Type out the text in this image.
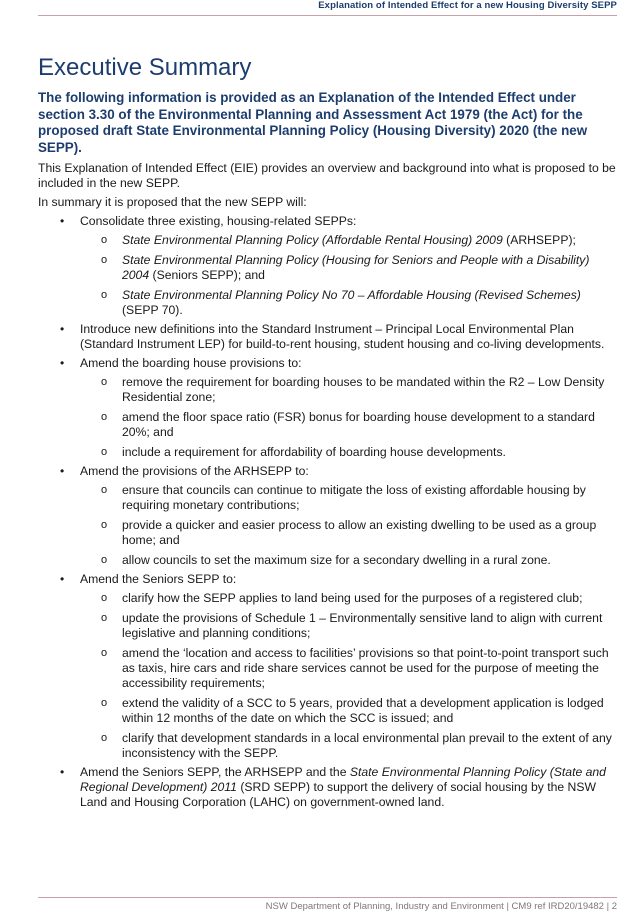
Explanation of Intended Effect for a new Housing Diversity SEPP
Executive Summary
The following information is provided as an Explanation of the Intended Effect under section 3.30 of the Environmental Planning and Assessment Act 1979 (the Act) for the proposed draft State Environmental Planning Policy (Housing Diversity) 2020 (the new SEPP).

This Explanation of Intended Effect (EIE) provides an overview and background into what is proposed to be included in the new SEPP.

In summary it is proposed that the new SEPP will:

• Consolidate three existing, housing-related SEPPs:
o State Environmental Planning Policy (Affordable Rental Housing) 2009 (ARHSEPP);
o State Environmental Planning Policy (Housing for Seniors and People with a Disability) 2004 (Seniors SEPP); and
o State Environmental Planning Policy No 70 – Affordable Housing (Revised Schemes) (SEPP 70).
• Introduce new definitions into the Standard Instrument – Principal Local Environmental Plan (Standard Instrument LEP) for build-to-rent housing, student housing and co-living developments.
• Amend the boarding house provisions to:
o remove the requirement for boarding houses to be mandated within the R2 – Low Density Residential zone;
o amend the floor space ratio (FSR) bonus for boarding house development to a standard 20%; and
o include a requirement for affordability of boarding house developments.
• Amend the provisions of the ARHSEPP to:
o ensure that councils can continue to mitigate the loss of existing affordable housing by requiring monetary contributions;
o provide a quicker and easier process to allow an existing dwelling to be used as a group home; and
o allow councils to set the maximum size for a secondary dwelling in a rural zone.
• Amend the Seniors SEPP to:
o clarify how the SEPP applies to land being used for the purposes of a registered club;
o update the provisions of Schedule 1 – Environmentally sensitive land to align with current legislative and planning conditions;
o amend the ‘location and access to facilities’ provisions so that point-to-point transport such as taxis, hire cars and ride share services cannot be used for the purpose of meeting the accessibility requirements;
o extend the validity of a SCC to 5 years, provided that a development application is lodged within 12 months of the date on which the SCC is issued; and
o clarify that development standards in a local environmental plan prevail to the extent of any inconsistency with the SEPP.
• Amend the Seniors SEPP, the ARHSEPP and the State Environmental Planning Policy (State and Regional Development) 2011 (SRD SEPP) to support the delivery of social housing by the NSW Land and Housing Corporation (LAHC) on government-owned land.
NSW Department of Planning, Industry and Environment | CM9 ref IRD20/19482 | 2
